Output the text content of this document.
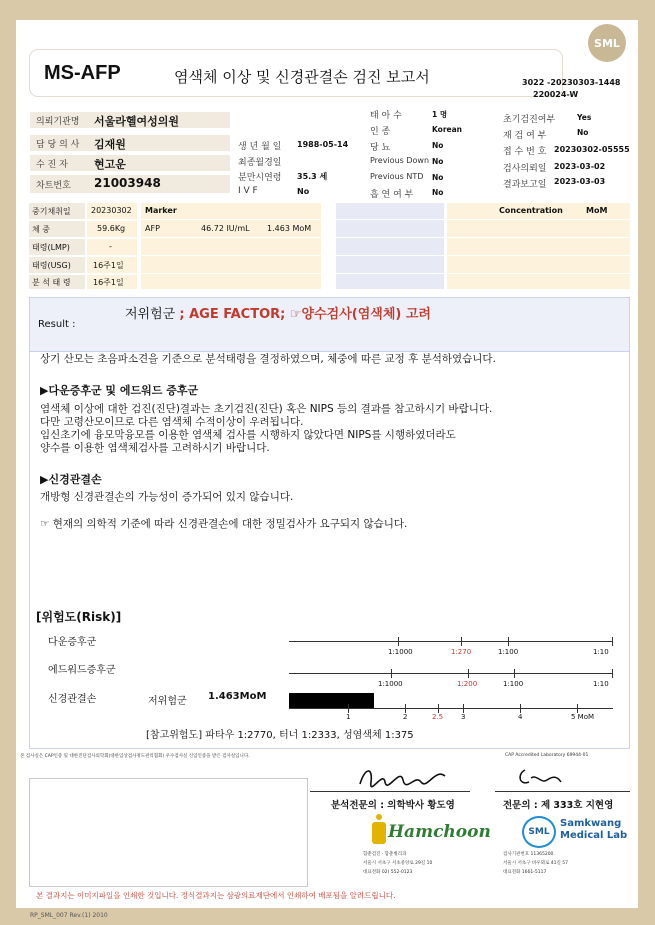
SML
MS-AFP	염색체 이상 및 신경관결손 검진 보고서	3022 -20230303-1448
220024-W
의뢰기관명 서울라헬여성의원
담 당 의 사 김재원
수 진 자 현고운
차트번호 21003948
생 년 월 일 1988-05-14
최종월경일
분만시연령 35.3 세
I V F	No
태 아 수	1 명
인 종	Korean
당 뇨	No
Previous Down No
Previous NTD No
흡 연 여 부 No
초기검진여부	Yes
재 검 여 부	No
접 수 번 호 20230302-05555
검사의뢰일 2023-03-02
결과보고일 2023-03-03
중기채취일	20230302
체 중	59.6Kg
태령(LMP)	-
태령(USG)	16주1일
분 석 태 령	16주1일
Marker
AFP	46.72 IU/mL 1.463 MoM
Concentration	MoM
Result :
저위험군 ; AGE FACTOR; ☞양수검사(염색체) 고려
상기 산모는 초음파소견을 기준으로 분석태령을 결정하였으며, 체중에 따른 교정 후 분석하였습니다.
▶다운증후군 및 에드워드 증후군
염색체 이상에 대한 검진(진단)결과는 초기검진(진단) 혹은 NIPS 등의 결과를 참고하시기 바랍니다.
다만 고령산모이므로 다른 염색체 수적이상이 우려됩니다.
임신초기에 융모막융모를 이용한 염색체 검사를 시행하지 않았다면 NIPS를 시행하였더라도
양수를 이용한 염색체검사를 고려하시기 바랍니다.
▶신경관결손
개방형 신경관결손의 가능성이 증가되어 있지 않습니다.
☞ 현재의 의학적 기준에 따라 신경관결손에 대한 정밀검사가 요구되지 않습니다.
[위험도(Risk)]
다운증후군
1:1000	1:270	1:100	1:10
에드워드증후군
1:1000	1:200	1:100	1:10
신경관결손	저위험군 1.463MoM
1	2	2.5	3	4	5 MoM
[참고위험도] 파타우 1:2770, 터너 1:2333, 성염색체 1:375
본 검사실은 CAP인증 및 대한진단검사의학회(대한임상검사정도관리협회) 우수검사실 신임인증을 받은 검사실입니다.	CAP Accredited Laboratory 69944-01
분석전문의 : 의학박사 황도영	전문의 : 제 333호 지현영
Hamchoon
함춘검진 · 함춘병리과
서울시 서초구 서초중앙로 29길 10
대표전화 02) 552-0123
SML
Samkwang Medical Lab
검사기관번호 11365200
서울시 서초구 바우뫼로 41길 57
대표전화 1661-5117
본 결과지는 이미지파일을 인쇄한 것입니다. 정식결과지는 삼광의료재단에서 인쇄하여 배포됨을 알려드립니다.
RP_SML_007 Rev.(1) 2010
